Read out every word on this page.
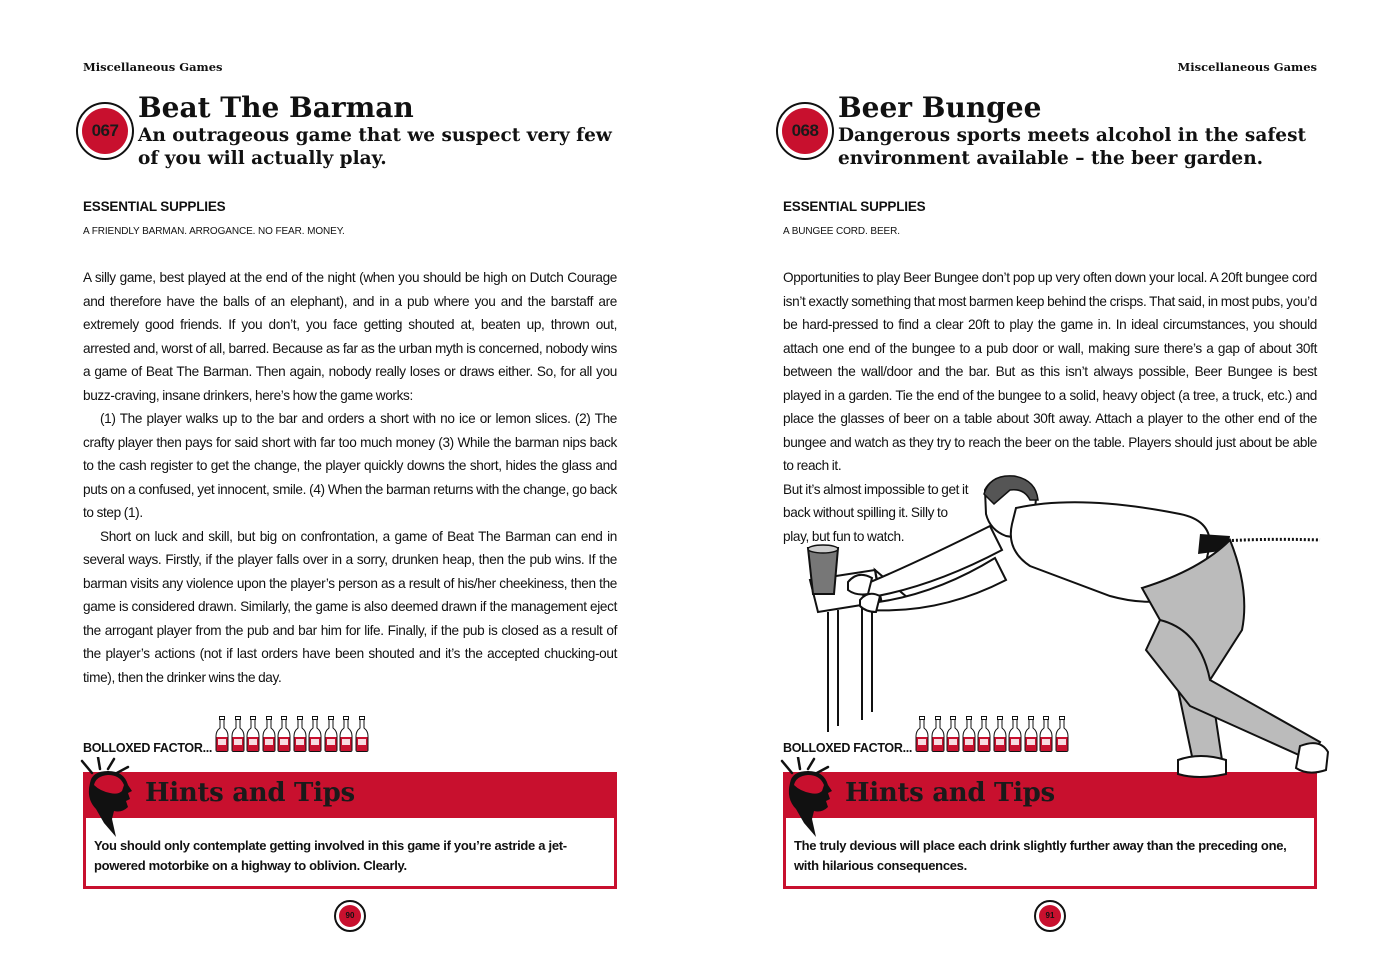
Miscellaneous Games
067
Beat The Barman

An outrageous game that we suspect very few of you will actually play.

ESSENTIAL SUPPLIES
A FRIENDLY BARMAN. ARROGANCE. NO FEAR. MONEY.

A silly game, best played at the end of the night (when you should be high on Dutch Courage and therefore have the balls of an elephant), and in a pub where you and the barstaff are extremely good friends. If you don’t, you face getting shouted at, beaten up, thrown out, arrested and, worst of all, barred. Because as far as the urban myth is concerned, nobody wins a game of Beat The Barman. Then again, nobody really loses or draws either. So, for all you buzz-craving, insane drinkers, here’s how the game works:

(1) The player walks up to the bar and orders a short with no ice or lemon slices. (2) The crafty player then pays for said short with far too much money (3) While the barman nips back to the cash register to get the change, the player quickly downs the short, hides the glass and puts on a confused, yet innocent, smile. (4) When the barman returns with the change, go back to step (1).

Short on luck and skill, but big on confrontation, a game of Beat The Barman can end in several ways. Firstly, if the player falls over in a sorry, drunken heap, then the pub wins. If the barman visits any violence upon the player’s person as a result of his/her cheekiness, then the game is considered drawn. Similarly, the game is also deemed drawn if the management eject the arrogant player from the pub and bar him for life. Finally, if the pub is closed as a result of the player’s actions (not if last orders have been shouted and it’s the accepted chucking-out time), then the drinker wins the day.

BOLLOXED FACTOR...
Hints and Tips

You should only contemplate getting involved in this game if you’re astride a jet-powered motorbike on a highway to oblivion. Clearly.

90
Miscellaneous Games
068
Beer Bungee

Dangerous sports meets alcohol in the safest environment available – the beer garden.

ESSENTIAL SUPPLIES
A BUNGEE CORD. BEER.

Opportunities to play Beer Bungee don’t pop up very often down your local. A 20ft bungee cord isn’t exactly something that most barmen keep behind the crisps. That said, in most pubs, you’d be hard-pressed to find a clear 20ft to play the game in. In ideal circumstances, you should attach one end of the bungee to a pub door or wall, making sure there’s a gap of about 30ft between the wall/door and the bar. But as this isn’t always possible, Beer Bungee is best played in a garden. Tie the end of the bungee to a solid, heavy object (a tree, a truck, etc.) and place the glasses of beer on a table about 30ft away. Attach a player to the other end of the bungee and watch as they try to reach the beer on the table. Players should just about be able to reach it.

But it’s almost impossible to get it back without spilling it. Silly to play, but fun to watch.

BOLLOXED FACTOR...
Hints and Tips

The truly devious will place each drink slightly further away than the preceding one, with hilarious consequences.

91
